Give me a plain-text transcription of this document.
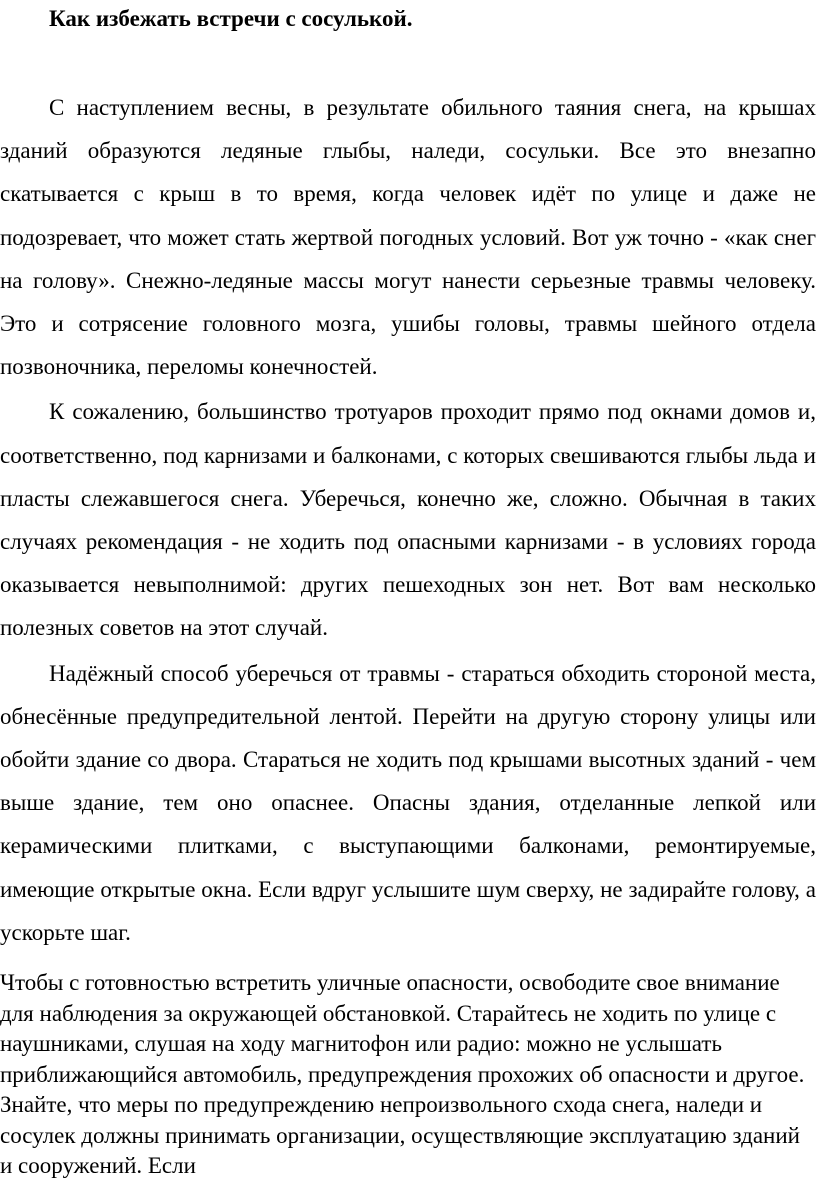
Как избежать встречи с сосулькой.

С наступлением весны, в результате обильного таяния снега, на крышах зданий образуются ледяные глыбы, наледи, сосульки. Все это внезапно скатывается с крыш в то время, когда человек идёт по улице и даже не подозревает, что может стать жертвой погодных условий. Вот уж точно - «как снег на голову». Снежно-ледяные массы могут нанести серьезные травмы человеку. Это и сотрясение головного мозга, ушибы головы, травмы шейного отдела позвоночника, переломы конечностей.

К сожалению, большинство тротуаров проходит прямо под окнами домов и, соответственно, под карнизами и балконами, с которых свешиваются глыбы льда и пласты слежавшегося снега. Уберечься, конечно же, сложно. Обычная в таких случаях рекомендация - не ходить под опасными карнизами - в условиях города оказывается невыполнимой: других пешеходных зон нет. Вот вам несколько полезных советов на этот случай.

Надёжный способ уберечься от травмы - стараться обходить стороной места, обнесённые предупредительной лентой. Перейти на другую сторону улицы или обойти здание со двора. Стараться не ходить под крышами высотных зданий - чем выше здание, тем оно опаснее. Опасны здания, отделанные лепкой или керамическими плитками, с выступающими балконами, ремонтируемые, имеющие открытые окна. Если вдруг услышите шум сверху, не задирайте голову, а ускорьте шаг.

Чтобы с готовностью встретить уличные опасности, освободите свое внимание для наблюдения за окружающей обстановкой. Старайтесь не ходить по улице с наушниками, слушая на ходу магнитофон или радио: можно не услышать приближающийся автомобиль, предупреждения прохожих об опасности и другое. Знайте, что меры по предупреждению непроизвольного схода снега, наледи и сосулек должны принимать организации, осуществляющие эксплуатацию зданий и сооружений. Если
